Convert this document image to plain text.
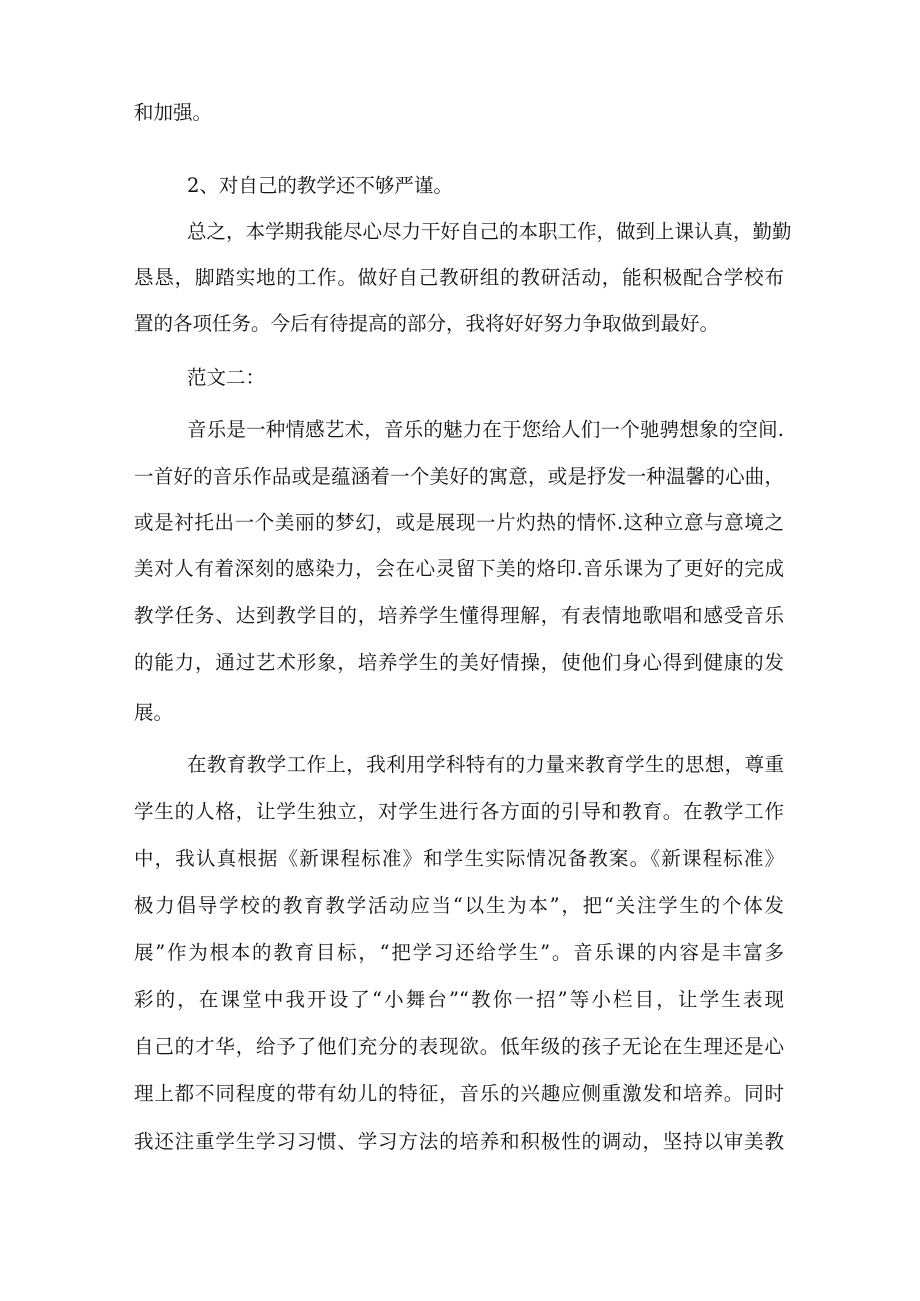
和加强。
2、对自己的教学还不够严谨。
总之，本学期我能尽心尽力干好自己的本职工作，做到上课认真，勤勤
恳恳，脚踏实地的工作。做好自己教研组的教研活动，能积极配合学校布
置的各项任务。今后有待提高的部分，我将好好努力争取做到最好。
范文二：
音乐是一种情感艺术，音乐的魅力在于您给人们一个驰骋想象的空间.
一首好的音乐作品或是蕴涵着一个美好的寓意，或是抒发一种温馨的心曲，
或是衬托出一个美丽的梦幻，或是展现一片灼热的情怀.这种立意与意境之
美对人有着深刻的感染力，会在心灵留下美的烙印.音乐课为了更好的完成
教学任务、达到教学目的，培养学生懂得理解，有表情地歌唱和感受音乐
的能力，通过艺术形象，培养学生的美好情操，使他们身心得到健康的发
展。
在教育教学工作上，我利用学科特有的力量来教育学生的思想，尊重
学生的人格，让学生独立，对学生进行各方面的引导和教育。在教学工作
中，我认真根据《新课程标准》和学生实际情况备教案。《新课程标准》
极力倡导学校的教育教学活动应当“以生为本”，把“关注学生的个体发
展”作为根本的教育目标，“把学习还给学生”。音乐课的内容是丰富多
彩的，在课堂中我开设了“小舞台”“教你一招”等小栏目，让学生表现
自己的才华，给予了他们充分的表现欲。低年级的孩子无论在生理还是心
理上都不同程度的带有幼儿的特征，音乐的兴趣应侧重激发和培养。同时
我还注重学生学习习惯、学习方法的培养和积极性的调动，坚持以审美教
